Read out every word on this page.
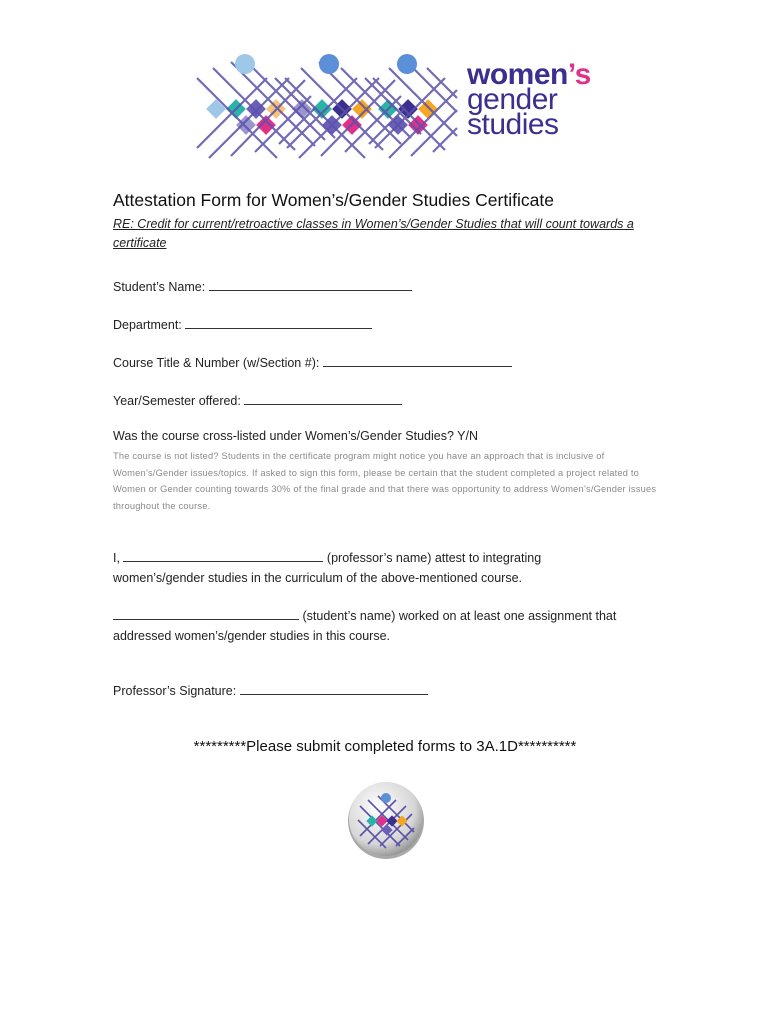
women’s
gender
studies
Attestation Form for Women’s/Gender Studies Certificate
RE: Credit for current/retroactive classes in Women’s/Gender Studies that will count towards a certificate
Student’s Name:
Department:
Course Title & Number (w/Section #):
Year/Semester offered:
Was the course cross-listed under Women’s/Gender Studies? Y/N
The course is not listed? Students in the certificate program might notice you have an approach that is inclusive of Women’s/Gender issues/topics. If asked to sign this form, please be certain that the student completed a project related to Women or Gender counting towards 30% of the final grade and that there was opportunity to address Women’s/Gender issues throughout the course.
I,	(professor’s name) attest to integrating
women’s/gender studies in the curriculum of the above-mentioned course.
(student’s name) worked on at least one assignment that
addressed women’s/gender studies in this course.
Professor’s Signature:
*********Please submit completed forms to 3A.1D**********
